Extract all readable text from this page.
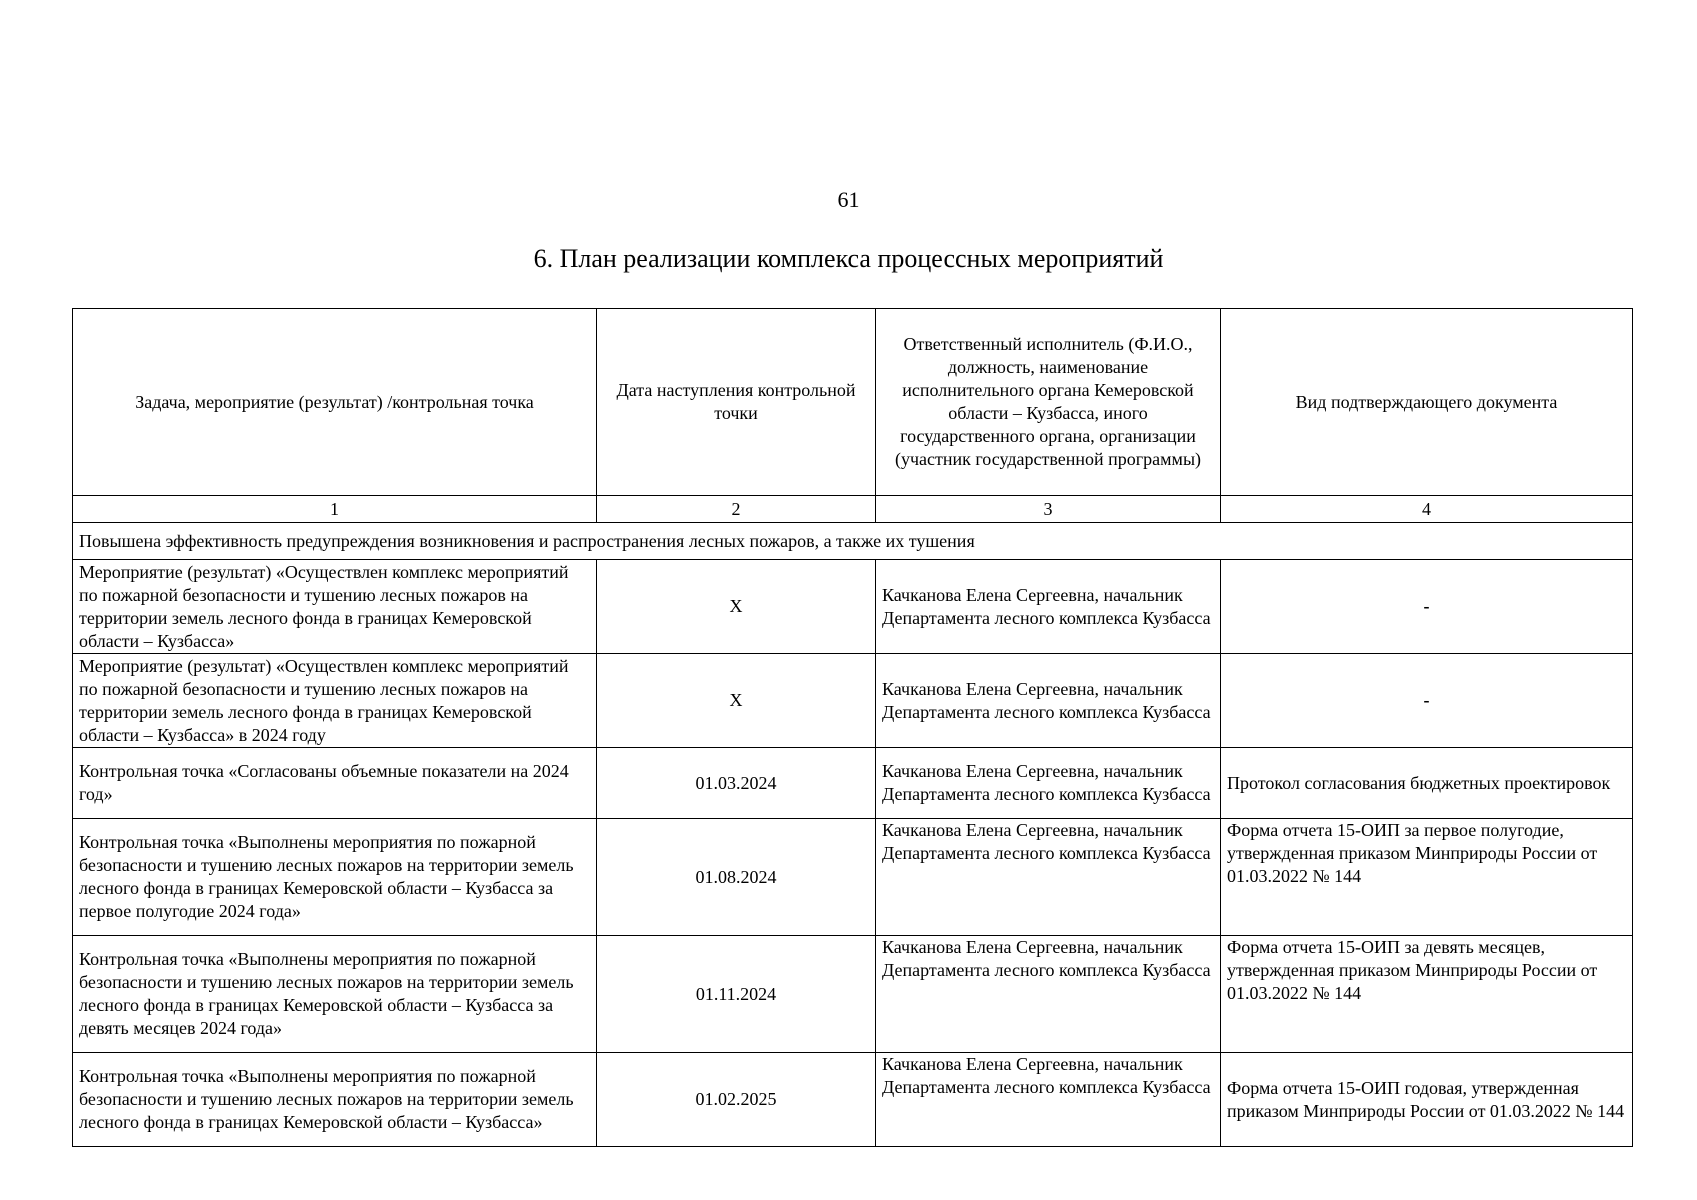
61
6. План реализации комплекса процессных мероприятий
Задача, мероприятие (результат) /контрольная точка	Дата наступления контрольной точки	Ответственный исполнитель (Ф.И.О., должность, наименование исполнительного органа Кемеровской области – Кузбасса, иного государственного органа, организации (участник государственной программы)	Вид подтверждающего документа
1	2	3	4
Повышена эффективность предупреждения возникновения и распространения лесных пожаров, а также их тушения			
Мероприятие (результат) «Осуществлен комплекс мероприятий по пожарной безопасности и тушению лесных пожаров на территории земель лесного фонда в границах Кемеровской области – Кузбасса»	Х	Качканова Елена Сергеевна, начальник Департамента лесного комплекса Кузбасса	-
Мероприятие (результат) «Осуществлен комплекс мероприятий по пожарной безопасности и тушению лесных пожаров на территории земель лесного фонда в границах Кемеровской области – Кузбасса» в 2024 году	Х	Качканова Елена Сергеевна, начальник Департамента лесного комплекса Кузбасса	-
Контрольная точка «Согласованы объемные показатели на 2024 год»	01.03.2024	Качканова Елена Сергеевна, начальник Департамента лесного комплекса Кузбасса	Протокол согласования бюджетных проектировок
Контрольная точка «Выполнены мероприятия по пожарной безопасности и тушению лесных пожаров на территории земель лесного фонда в границах Кемеровской области – Кузбасса за первое полугодие 2024 года»	01.08.2024	Качканова Елена Сергеевна, начальник Департамента лесного комплекса Кузбасса	Форма отчета 15-ОИП за первое полугодие, утвержденная приказом Минприроды России от 01.03.2022 № 144
Контрольная точка «Выполнены мероприятия по пожарной безопасности и тушению лесных пожаров на территории земель лесного фонда в границах Кемеровской области – Кузбасса за девять месяцев 2024 года»	01.11.2024	Качканова Елена Сергеевна, начальник Департамента лесного комплекса Кузбасса	Форма отчета 15-ОИП за девять месяцев, утвержденная приказом Минприроды России от 01.03.2022 № 144
Контрольная точка «Выполнены мероприятия по пожарной безопасности и тушению лесных пожаров на территории земель лесного фонда в границах Кемеровской области – Кузбасса»	01.02.2025	Качканова Елена Сергеевна, начальник Департамента лесного комплекса Кузбасса	Форма отчета 15-ОИП годовая, утвержденная приказом Минприроды России от 01.03.2022 № 144
